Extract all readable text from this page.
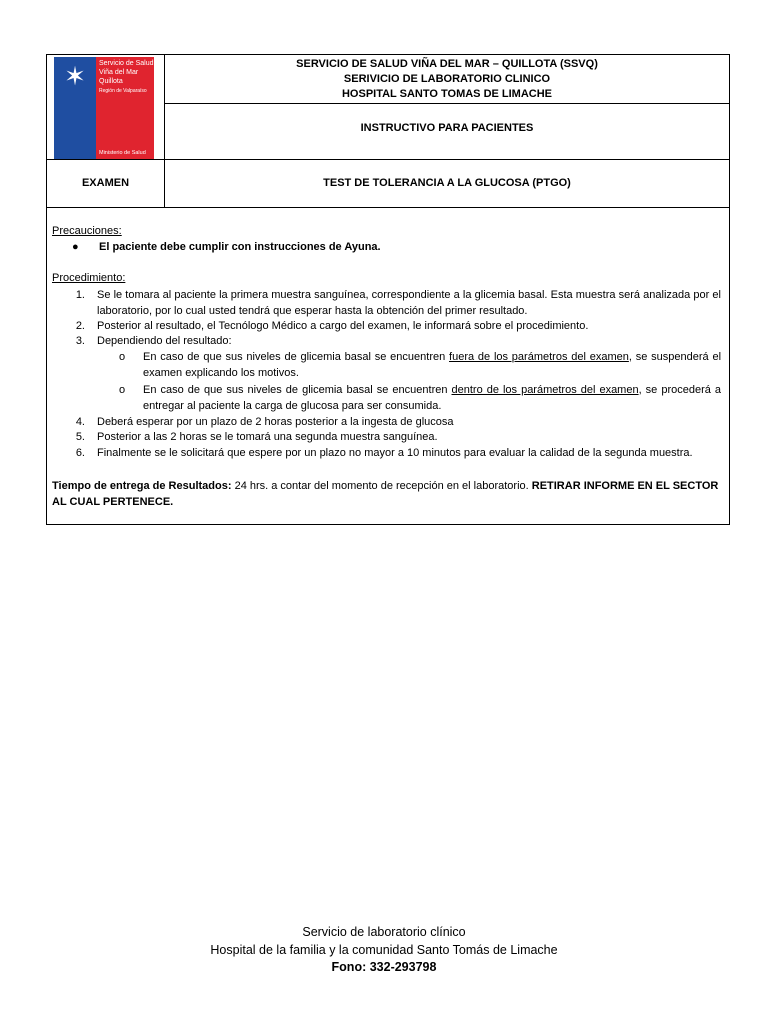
✶	Servicio de Salud
Viña del Mar
Quillota
Región de Valparaíso
Ministerio de Salud
SERVICIO DE SALUD VIÑA DEL MAR – QUILLOTA (SSVQ)
SERIVICIO DE LABORATORIO CLINICO
HOSPITAL SANTO TOMAS DE LIMACHE
INSTRUCTIVO PARA PACIENTES
EXAMEN	TEST DE TOLERANCIA A LA GLUCOSA (PTGO)
Precauciones:
●	El paciente debe cumplir con instrucciones de Ayuna.
Procedimiento:
1. Se le tomara al paciente la primera muestra sanguínea, correspondiente a la glicemia basal. Esta muestra será analizada por el laboratorio, por lo cual usted tendrá que esperar hasta la obtención del primer resultado.
2. Posterior al resultado, el Tecnólogo Médico a cargo del examen, le informará sobre el procedimiento.
3. Dependiendo del resultado:
o	En caso de que sus niveles de glicemia basal se encuentren fuera de los parámetros del examen, se suspenderá el examen explicando los motivos.
o	En caso de que sus niveles de glicemia basal se encuentren dentro de los parámetros del examen, se procederá a entregar al paciente la carga de glucosa para ser consumida.
4. Deberá esperar por un plazo de 2 horas posterior a la ingesta de glucosa
5. Posterior a las 2 horas se le tomará una segunda muestra sanguínea.
6. Finalmente se le solicitará que espere por un plazo no mayor a 10 minutos para evaluar la calidad de la segunda muestra.
Tiempo de entrega de Resultados: 24 hrs. a contar del momento de recepción en el laboratorio. RETIRAR INFORME EN EL SECTOR AL CUAL PERTENECE.
Servicio de laboratorio clínico
Hospital de la familia y la comunidad Santo Tomás de Limache
Fono: 332-293798
